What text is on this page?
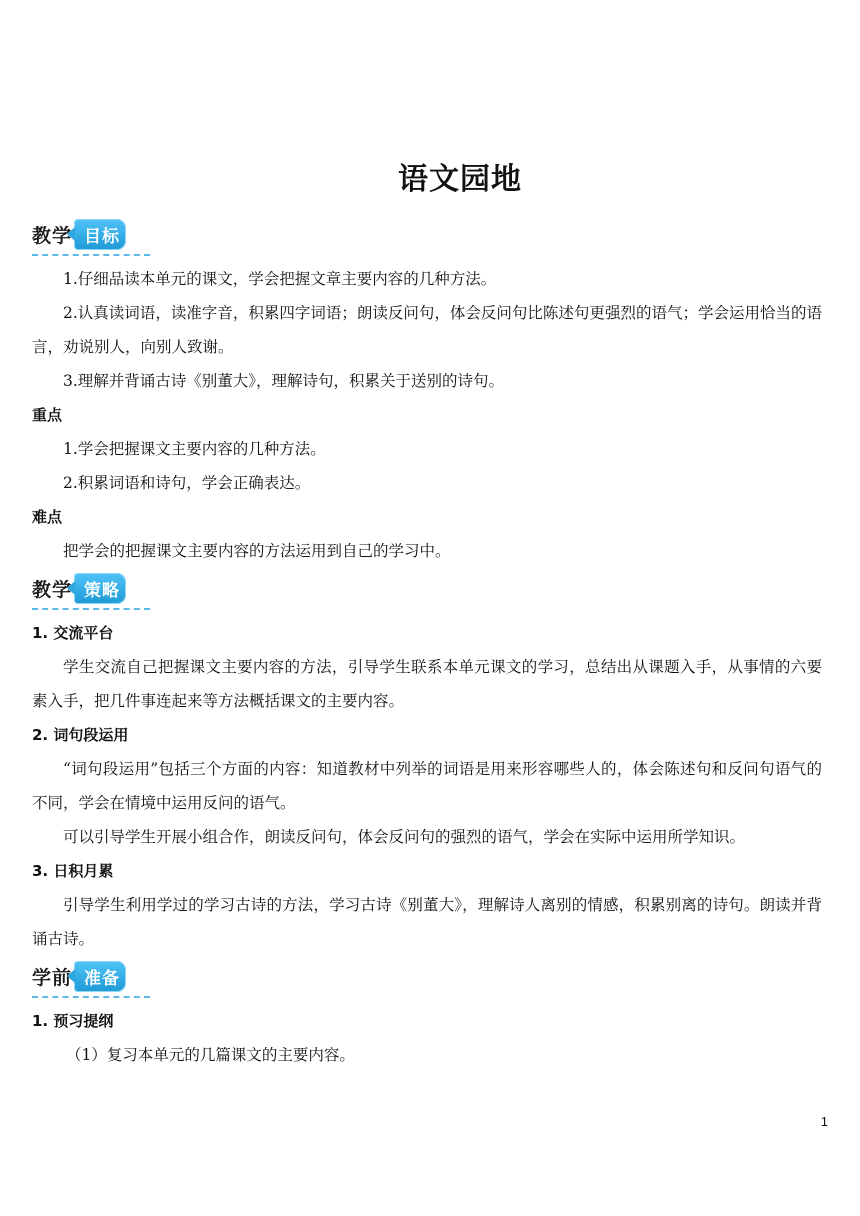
语文园地
教学 目标

1.仔细品读本单元的课文，学会把握文章主要内容的几种方法。

2.认真读词语，读准字音，积累四字词语；朗读反问句，体会反问句比陈述句更强烈的语气；学会运用恰当的语言，劝说别人，向别人致谢。

3.理解并背诵古诗《别董大》，理解诗句，积累关于送别的诗句。

重点

1.学会把握课文主要内容的几种方法。

2.积累词语和诗句，学会正确表达。

难点

把学会的把握课文主要内容的方法运用到自己的学习中。

教学 策略
1. 交流平台

学生交流自己把握课文主要内容的方法，引导学生联系本单元课文的学习，总结出从课题入手，从事情的六要素入手，把几件事连起来等方法概括课文的主要内容。

2. 词句段运用

“词句段运用”包括三个方面的内容：知道教材中列举的词语是用来形容哪些人的，体会陈述句和反问句语气的不同，学会在情境中运用反问的语气。

可以引导学生开展小组合作，朗读反问句，体会反问句的强烈的语气，学会在实际中运用所学知识。

3. 日积月累

引导学生利用学过的学习古诗的方法，学习古诗《别董大》，理解诗人离别的情感，积累别离的诗句。朗读并背诵古诗。

学前 准备
1. 预习提纲

（1）复习本单元的几篇课文的主要内容。

1
